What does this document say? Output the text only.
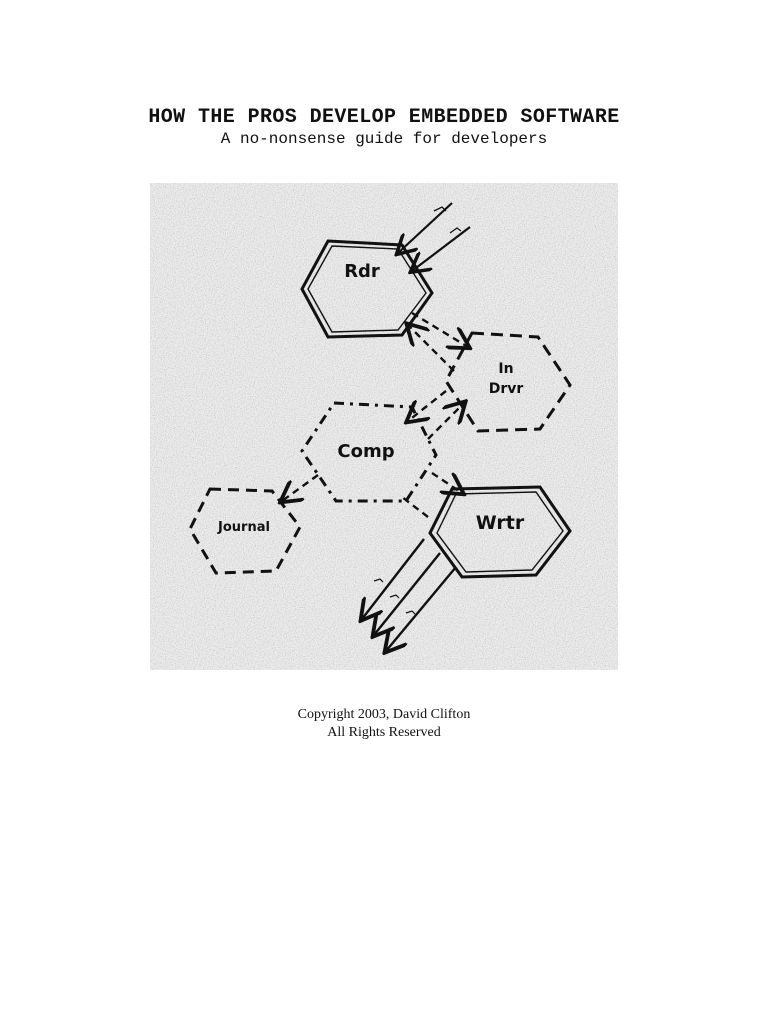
HOW THE PROS DEVELOP EMBEDDED SOFTWARE
A no-nonsense guide for developers
Rdr
In
Drvr
Comp
Journal	Wrtr
Copyright 2003, David Clifton
All Rights Reserved
